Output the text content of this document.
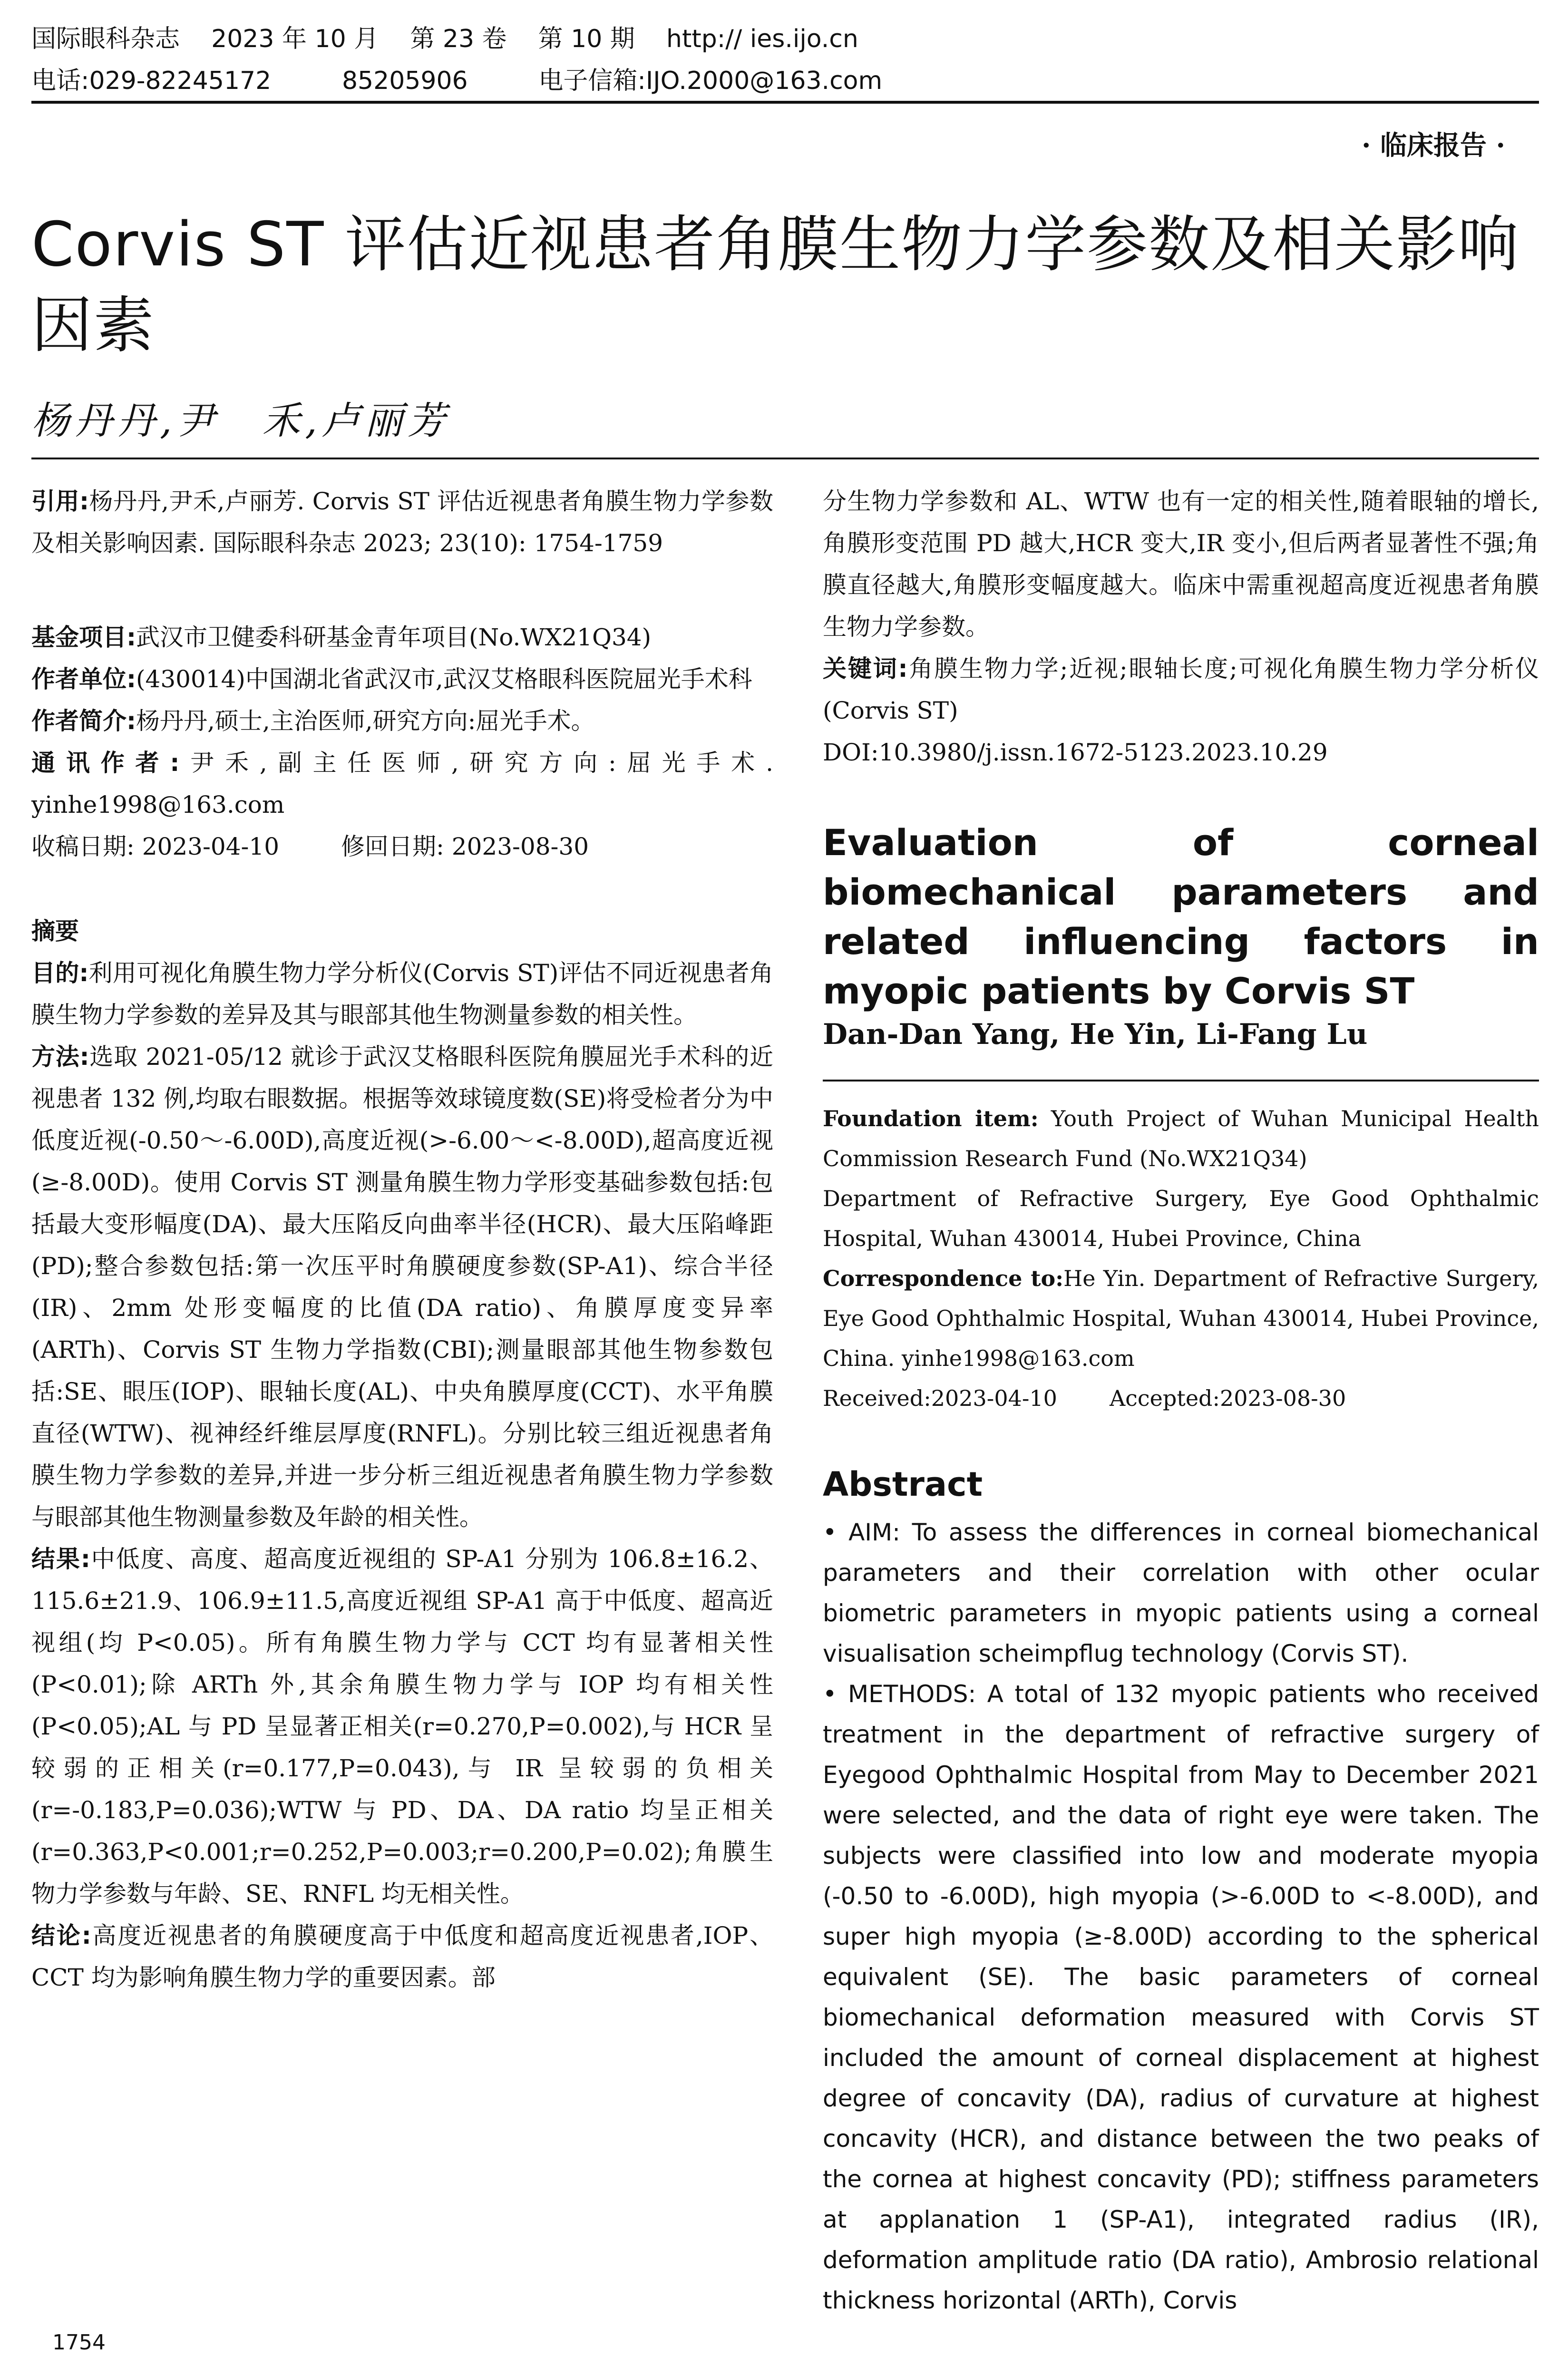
国际眼科杂志    2023 年 10 月    第 23 卷    第 10 期    http:// ies.ijo.cn
电话:029-82245172         85205906         电子信箱:IJO.2000@163.com
· 临床报告 ·
Corvis ST 评估近视患者角膜生物力学参数及相关影响因素
杨丹丹,尹　禾,卢丽芳

引用:杨丹丹,尹禾,卢丽芳. Corvis ST 评估近视患者角膜生物力学参数及相关影响因素. 国际眼科杂志 2023; 23(10): 1754-1759

基金项目:武汉市卫健委科研基金青年项目(No.WX21Q34)

作者单位:(430014)中国湖北省武汉市,武汉艾格眼科医院屈光手术科

作者简介:杨丹丹,硕士,主治医师,研究方向:屈光手术。

通讯作者:尹禾,副主任医师,研究方向:屈光手术. yinhe1998@163.com

收稿日期: 2023-04-10	修回日期: 2023-08-30

摘要

目的:利用可视化角膜生物力学分析仪(Corvis ST)评估不同近视患者角膜生物力学参数的差异及其与眼部其他生物测量参数的相关性。

方法:选取 2021-05/12 就诊于武汉艾格眼科医院角膜屈光手术科的近视患者 132 例,均取右眼数据。根据等效球镜度数(SE)将受检者分为中低度近视(-0.50～-6.00D),高度近视(>-6.00～<-8.00D),超高度近视(≥-8.00D)。使用 Corvis ST 测量角膜生物力学形变基础参数包括:包括最大变形幅度(DA)、最大压陷反向曲率半径(HCR)、最大压陷峰距(PD);整合参数包括:第一次压平时角膜硬度参数(SP-A1)、综合半径(IR)、2mm 处形变幅度的比值(DA ratio)、角膜厚度变异率(ARTh)、Corvis ST 生物力学指数(CBI);测量眼部其他生物参数包括:SE、眼压(IOP)、眼轴长度(AL)、中央角膜厚度(CCT)、水平角膜直径(WTW)、视神经纤维层厚度(RNFL)。分别比较三组近视患者角膜生物力学参数的差异,并进一步分析三组近视患者角膜生物力学参数与眼部其他生物测量参数及年龄的相关性。

结果:中低度、高度、超高度近视组的 SP-A1 分别为 106.8±16.2、115.6±21.9、106.9±11.5,高度近视组 SP-A1 高于中低度、超高近视组(均 P<0.05)。所有角膜生物力学与 CCT 均有显著相关性(P<0.01);除 ARTh 外,其余角膜生物力学与 IOP 均有相关性(P<0.05);AL 与 PD 呈显著正相关(r=0.270,P=0.002),与 HCR 呈较弱的正相关(r=0.177,P=0.043),与 IR 呈较弱的负相关(r=-0.183,P=0.036);WTW 与 PD、DA、DA ratio 均呈正相关(r=0.363,P<0.001;r=0.252,P=0.003;r=0.200,P=0.02);角膜生物力学参数与年龄、SE、RNFL 均无相关性。

结论:高度近视患者的角膜硬度高于中低度和超高度近视患者,IOP、CCT 均为影响角膜生物力学的重要因素。部

分生物力学参数和 AL、WTW 也有一定的相关性,随着眼轴的增长,角膜形变范围 PD 越大,HCR 变大,IR 变小,但后两者显著性不强;角膜直径越大,角膜形变幅度越大。临床中需重视超高度近视患者角膜生物力学参数。

关键词:角膜生物力学;近视;眼轴长度;可视化角膜生物力学分析仪(Corvis ST)

DOI:10.3980/j.issn.1672-5123.2023.10.29

Evaluation of corneal biomechanical parameters and related influencing factors in myopic patients by Corvis ST
Dan-Dan Yang, He Yin, Li-Fang Lu

Foundation item: Youth Project of Wuhan Municipal Health Commission Research Fund (No.WX21Q34)

Department of Refractive Surgery, Eye Good Ophthalmic Hospital, Wuhan 430014, Hubei Province, China

Correspondence to:He Yin. Department of Refractive Surgery, Eye Good Ophthalmic Hospital, Wuhan 430014, Hubei Province, China. yinhe1998@163.com

Received:2023-04-10 Accepted:2023-08-30

Abstract

• AIM: To assess the differences in corneal biomechanical parameters and their correlation with other ocular biometric parameters in myopic patients using a corneal visualisation scheimpflug technology (Corvis ST).

• METHODS: A total of 132 myopic patients who received treatment in the department of refractive surgery of Eyegood Ophthalmic Hospital from May to December 2021 were selected, and the data of right eye were taken. The subjects were classified into low and moderate myopia (-0.50 to -6.00D), high myopia (>-6.00D to <-8.00D), and super high myopia (≥-8.00D) according to the spherical equivalent (SE). The basic parameters of corneal biomechanical deformation measured with Corvis ST included the amount of corneal displacement at highest degree of concavity (DA), radius of curvature at highest concavity (HCR), and distance between the two peaks of the cornea at highest concavity (PD); stiffness parameters at applanation 1 (SP-A1), integrated radius (IR), deformation amplitude ratio (DA ratio), Ambrosio relational thickness horizontal (ARTh), Corvis

1754
